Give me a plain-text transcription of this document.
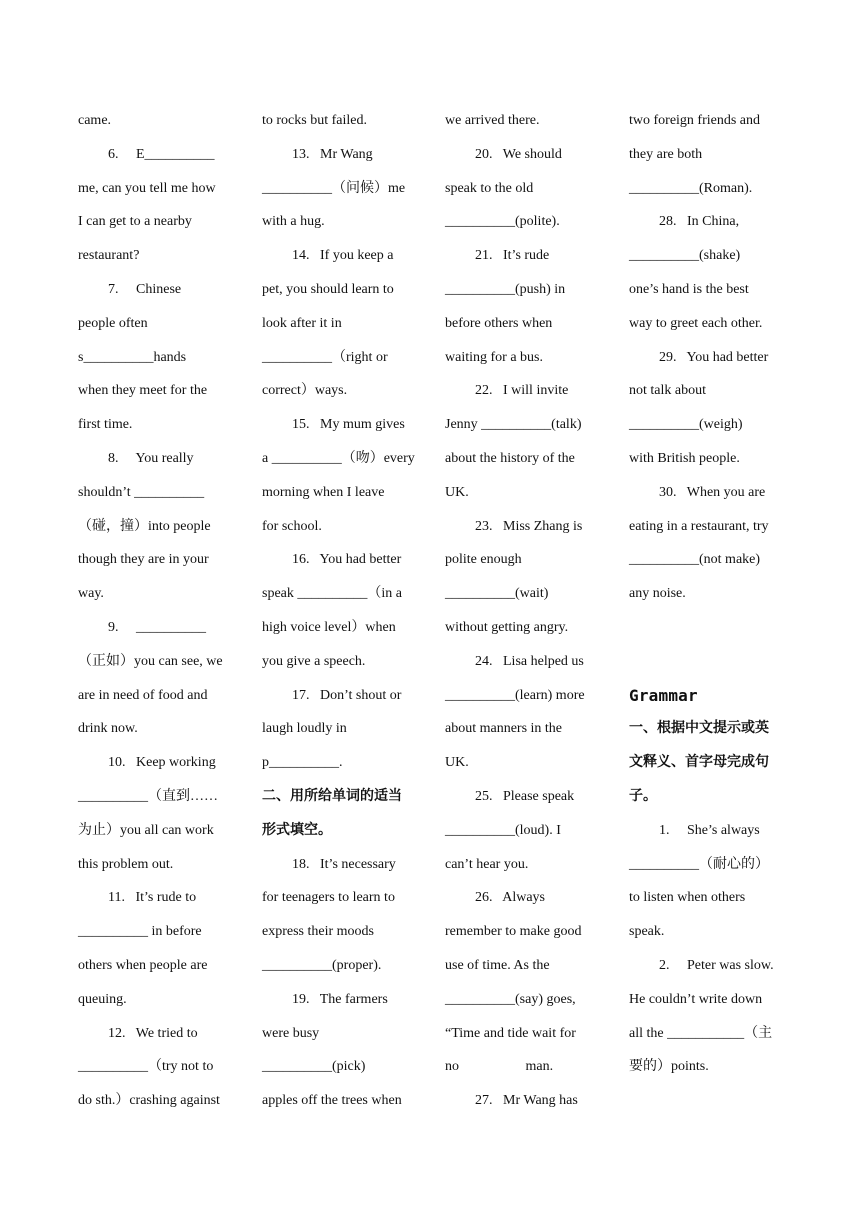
came.
6.     E__________
me, can you tell me how
I can get to a nearby
restaurant?
7.     Chinese
people often
s__________hands
when they meet for the
first time.
8.     You really
shouldn’t __________
（碰，撞）into people
though they are in your
way.
9.     __________
（正如）you can see, we
are in need of food and
drink now.
10.   Keep working
__________（直到……
为止）you all can work
this problem out.
11.   It’s rude to
__________ in before
others when people are
queuing.
12.   We tried to
__________（try not to
do sth.）crashing against
to rocks but failed.
13.   Mr Wang
__________（问候）me
with a hug.
14.   If you keep a
pet, you should learn to
look after it in
__________（right or
correct）ways.
15.   My mum gives
a __________（吻）every
morning when I leave
for school.
16.   You had better
speak __________（in a
high voice level）when
you give a speech.
17.   Don’t shout or
laugh loudly in
p__________.
二、用所给单词的适当
形式填空。
18.   It’s necessary
for teenagers to learn to
express their moods
__________(proper).
19.   The farmers
were busy
__________(pick)
apples off the trees when
we arrived there.
20.   We should
speak to the old
__________(polite).
21.   It’s rude
__________(push) in
before others when
waiting for a bus.
22.   I will invite
Jenny __________(talk)
about the history of the
UK.
23.   Miss Zhang is
polite enough
__________(wait)
without getting angry.
24.   Lisa helped us
__________(learn) more
about manners in the
UK.
25.   Please speak
__________(loud). I
can’t hear you.
26.   Always
remember to make good
use of time. As the
__________(say) goes,
“Time and tide wait for
no                   man.
27.   Mr Wang has
two foreign friends and
they are both
__________(Roman).
28.   In China,
__________(shake)
one’s hand is the best
way to greet each other.
29.   You had better
not talk about
__________(weigh)
with British people.
30.   When you are
eating in a restaurant, try
__________(not make)
any noise.
Grammar
一、根据中文提示或英
文释义、首字母完成句
子。
1.     She’s always
__________（耐心的）
to listen when others
speak.
2.     Peter was slow.
He couldn’t write down
all the ___________（主
要的）points.
